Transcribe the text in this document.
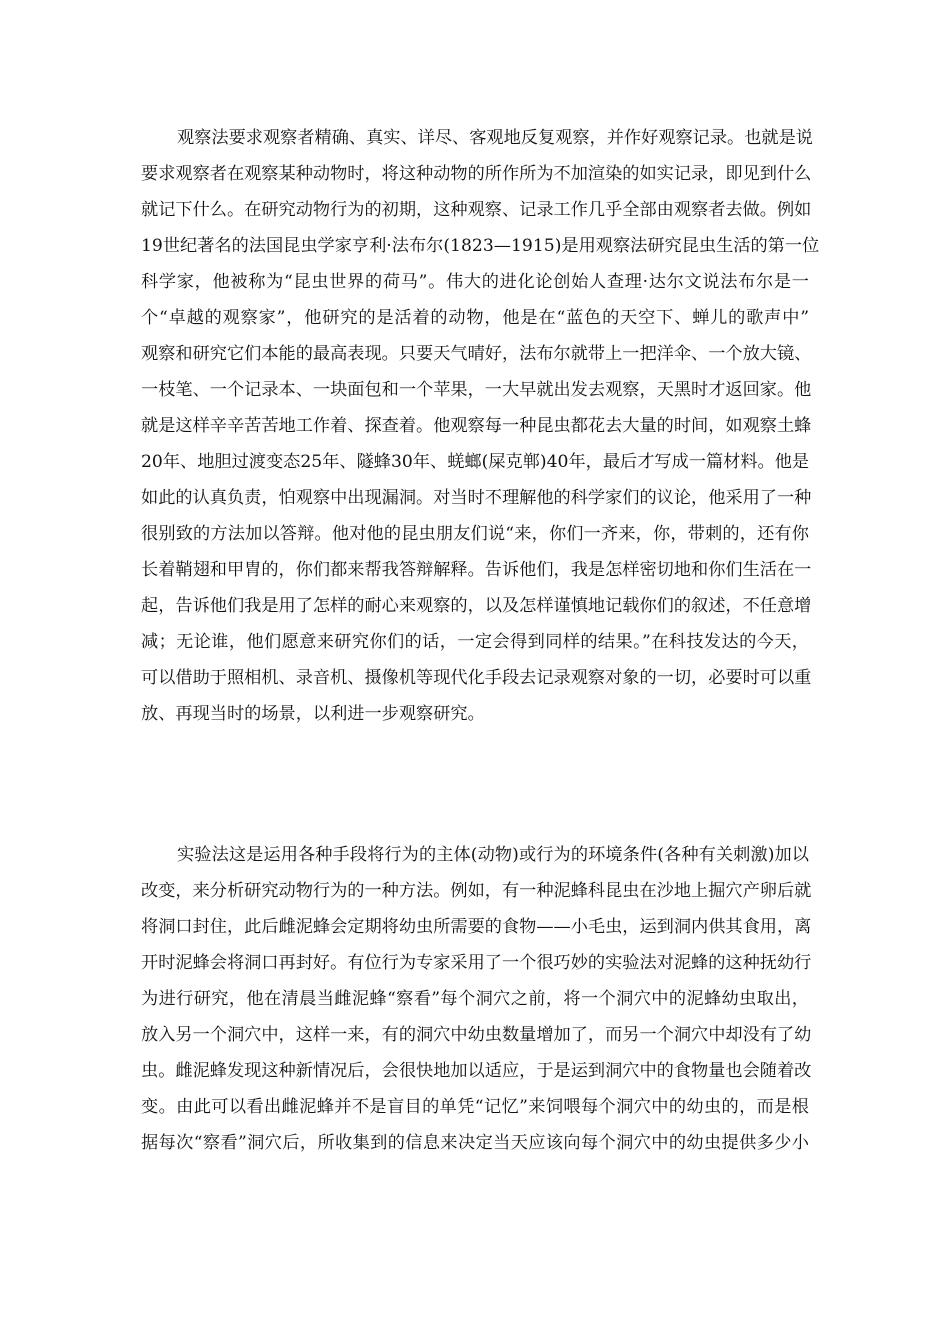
观察法要求观察者精确、真实、详尽、客观地反复观察，并作好观察记录。也就是说
要求观察者在观察某种动物时，将这种动物的所作所为不加渲染的如实记录，即见到什么
就记下什么。在研究动物行为的初期，这种观察、记录工作几乎全部由观察者去做。例如
19世纪著名的法国昆虫学家亨利·法布尔(1823—1915)是用观察法研究昆虫生活的第一位
科学家，他被称为“昆虫世界的荷马”。伟大的进化论创始人查理·达尔文说法布尔是一
个“卓越的观察家”，他研究的是活着的动物，他是在“蓝色的天空下、蝉儿的歌声中”
观察和研究它们本能的最高表现。只要天气晴好，法布尔就带上一把洋伞、一个放大镜、
一枝笔、一个记录本、一块面包和一个苹果，一大早就出发去观察，天黑时才返回家。他
就是这样辛辛苦苦地工作着、探查着。他观察每一种昆虫都花去大量的时间，如观察土蜂
20年、地胆过渡变态25年、隧蜂30年、蜣螂(屎克郸)40年，最后才写成一篇材料。他是
如此的认真负责，怕观察中出现漏洞。对当时不理解他的科学家们的议论，他采用了一种
很别致的方法加以答辩。他对他的昆虫朋友们说“来，你们一齐来，你，带刺的，还有你
长着鞘翅和甲胄的，你们都来帮我答辩解释。告诉他们，我是怎样密切地和你们生活在一
起，告诉他们我是用了怎样的耐心来观察的，以及怎样谨慎地记载你们的叙述，不任意增
减；无论谁，他们愿意来研究你们的话，一定会得到同样的结果。”在科技发达的今天，
可以借助于照相机、录音机、摄像机等现代化手段去记录观察对象的一切，必要时可以重
放、再现当时的场景，以利进一步观察研究。
实验法这是运用各种手段将行为的主体(动物)或行为的环境条件(各种有关刺激)加以
改变，来分析研究动物行为的一种方法。例如，有一种泥蜂科昆虫在沙地上掘穴产卵后就
将洞口封住，此后雌泥蜂会定期将幼虫所需要的食物——小毛虫，运到洞内供其食用，离
开时泥蜂会将洞口再封好。有位行为专家采用了一个很巧妙的实验法对泥蜂的这种抚幼行
为进行研究，他在清晨当雌泥蜂“察看”每个洞穴之前，将一个洞穴中的泥蜂幼虫取出，
放入另一个洞穴中，这样一来，有的洞穴中幼虫数量增加了，而另一个洞穴中却没有了幼
虫。雌泥蜂发现这种新情况后，会很快地加以适应，于是运到洞穴中的食物量也会随着改
变。由此可以看出雌泥蜂并不是盲目的单凭“记忆”来饲喂每个洞穴中的幼虫的，而是根
据每次“察看”洞穴后，所收集到的信息来决定当天应该向每个洞穴中的幼虫提供多少小
